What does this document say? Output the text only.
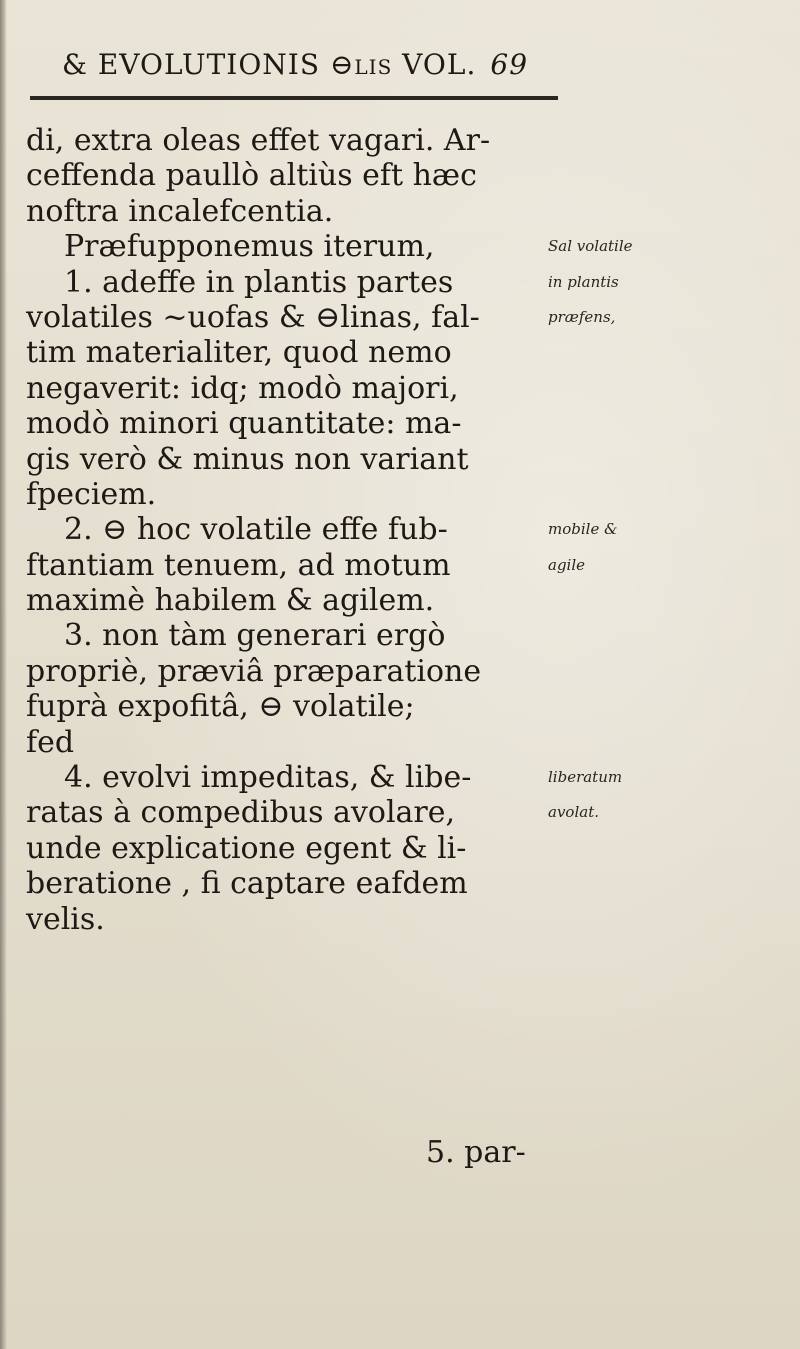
& EVOLUTIONIS ⊖lis VOL. 69
di, extra oleas effet vagari. Ar-
ceffenda paullò altiùs eft hæc
noftra incalefcentia.
Præfupponemus iterum,
1. adeffe in plantis partes
volatiles ~uofas & ⊖linas, fal-
tim materialiter, quod nemo
negaverit: idq; modò majori,
modò minori quantitate: ma-
gis verò & minus non variant
fpeciem.
2. ⊖ hoc volatile effe fub-
ftantiam tenuem, ad motum
maximè habilem & agilem.
3. non tàm generari ergò
propriè, præviâ præparatione
fuprà expofitâ, ⊖ volatile;
fed
4. evolvi impeditas, & libe-
ratas à compedibus avolare,
unde explicatione egent & li-
beratione , fi captare eafdem
velis.
Sal volatile
in plantis
præfens,
mobile &
agile
liberatum
avolat.
5. par-
